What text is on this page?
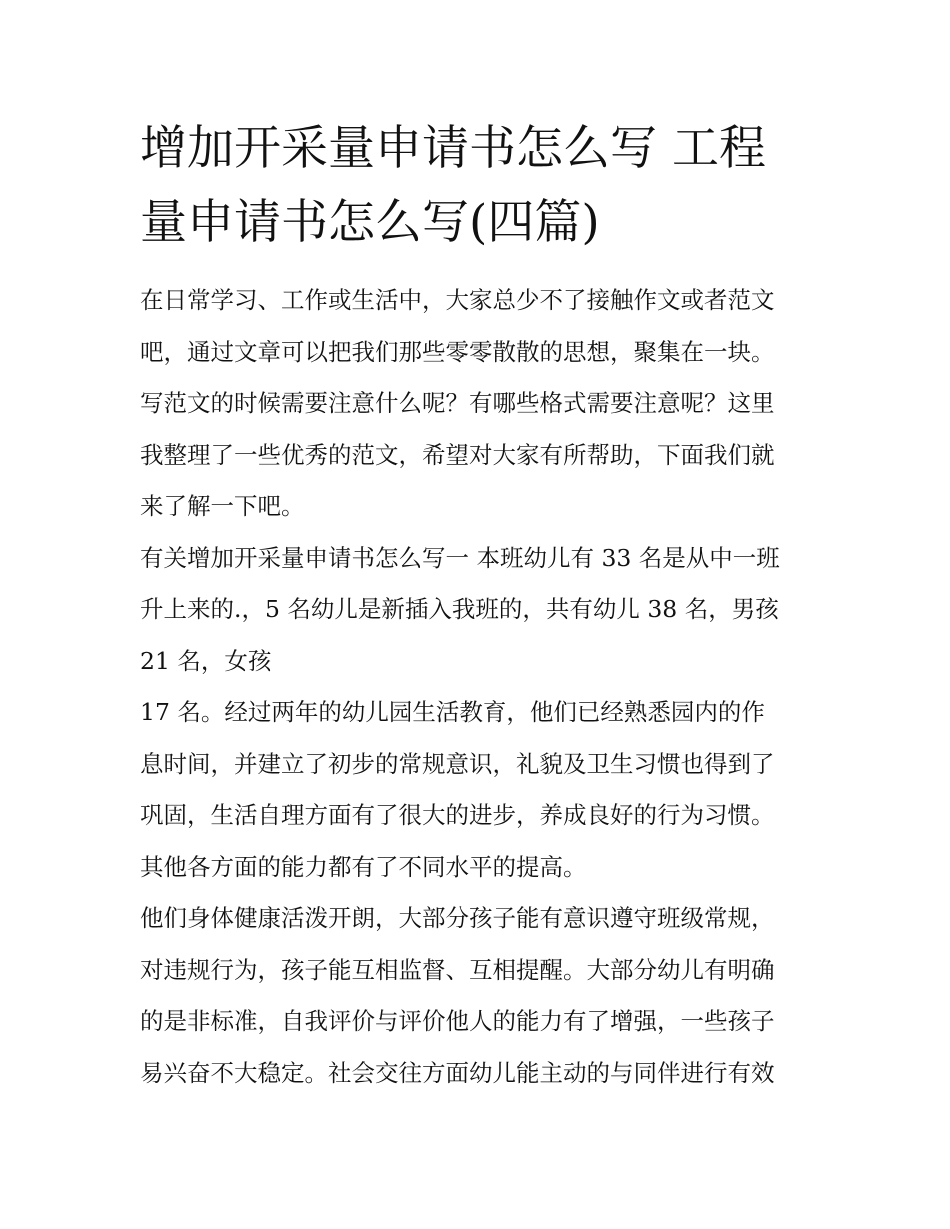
增加开采量申请书怎么写 工程
量申请书怎么写(四篇)
在日常学习、工作或生活中，大家总少不了接触作文或者范文
吧，通过文章可以把我们那些零零散散的思想，聚集在一块。
写范文的时候需要注意什么呢？有哪些格式需要注意呢？这里
我整理了一些优秀的范文，希望对大家有所帮助，下面我们就
来了解一下吧。
有关增加开采量申请书怎么写一 本班幼儿有 33 名是从中一班
升上来的.，5 名幼儿是新插入我班的，共有幼儿 38 名，男孩
21 名，女孩
17 名。经过两年的幼儿园生活教育，他们已经熟悉园内的作
息时间，并建立了初步的常规意识，礼貌及卫生习惯也得到了
巩固，生活自理方面有了很大的进步，养成良好的行为习惯。
其他各方面的能力都有了不同水平的提高。
他们身体健康活泼开朗，大部分孩子能有意识遵守班级常规，
对违规行为，孩子能互相监督、互相提醒。大部分幼儿有明确
的是非标准，自我评价与评价他人的能力有了增强，一些孩子
易兴奋不大稳定。社会交往方面幼儿能主动的与同伴进行有效
